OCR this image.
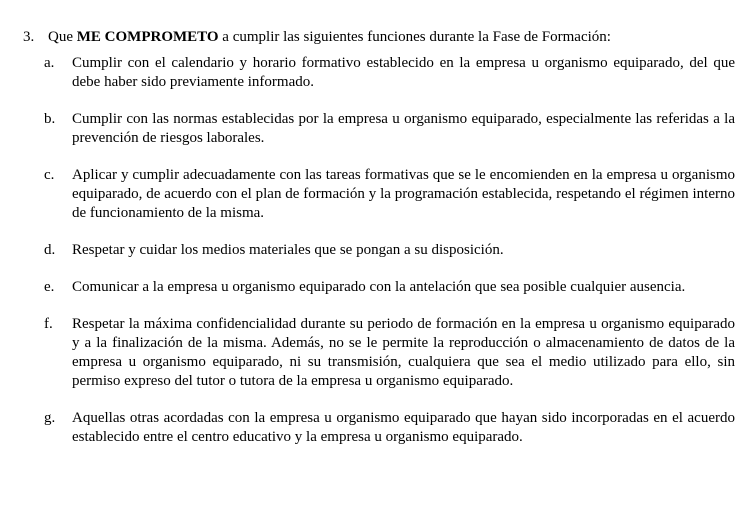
3. Que ME COMPROMETO a cumplir las siguientes funciones durante la Fase de Formación:
a.	Cumplir con el calendario y horario formativo establecido en la empresa u organismo equiparado, del que debe haber sido previamente informado.
b.	Cumplir con las normas establecidas por la empresa u organismo equiparado, especialmente las referidas a la prevención de riesgos laborales.
c.	Aplicar y cumplir adecuadamente con las tareas formativas que se le encomienden en la empresa u organismo equiparado, de acuerdo con el plan de formación y la programación establecida, respetando el régimen interno de funcionamiento de la misma.
d.	Respetar y cuidar los medios materiales que se pongan a su disposición.
e.	Comunicar a la empresa u organismo equiparado con la antelación que sea posible cualquier ausencia.
f.	Respetar la máxima confidencialidad durante su periodo de formación en la empresa u organismo equiparado y a la finalización de la misma. Además, no se le permite la reproducción o almacenamiento de datos de la empresa u organismo equiparado, ni su transmisión, cualquiera que sea el medio utilizado para ello, sin permiso expreso del tutor o tutora de la empresa u organismo equiparado.
g.	Aquellas otras acordadas con la empresa u organismo equiparado que hayan sido incorporadas en el acuerdo establecido entre el centro educativo y la empresa u organismo equiparado.
